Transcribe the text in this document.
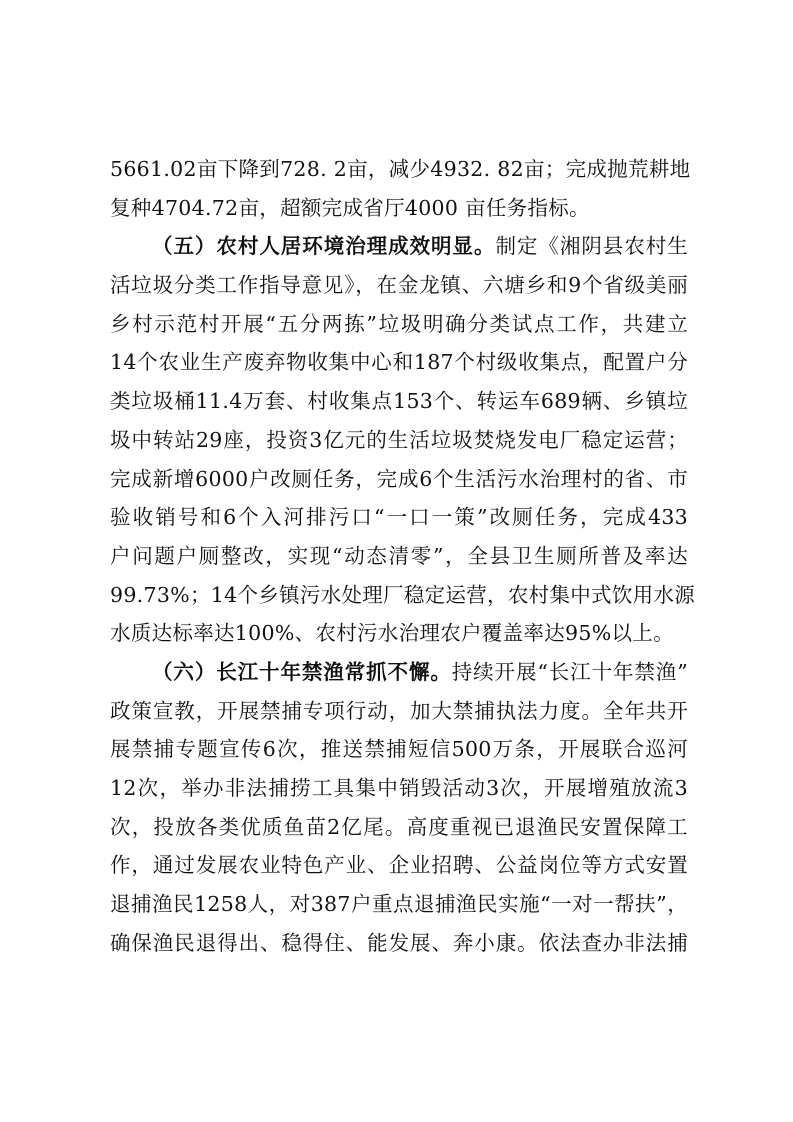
5661.02亩下降到728. 2亩，减少4932. 82亩；完成抛荒耕地
复种4704.72亩，超额完成省厅4000 亩任务指标。
（五）农村人居环境治理成效明显。制定《湘阴县农村生
活垃圾分类工作指导意见》，在金龙镇、六塘乡和9个省级美丽
乡村示范村开展“五分两拣”垃圾明确分类试点工作，共建立
14个农业生产废弃物收集中心和187个村级收集点，配置户分
类垃圾桶11.4万套、村收集点153个、转运车689辆、乡镇垃
圾中转站29座，投资3亿元的生活垃圾焚烧发电厂稳定运营；
完成新增6000户改厕任务，完成6个生活污水治理村的省、市
验收销号和6个入河排污口“一口一策”改厕任务，完成433
户问题户厕整改，实现“动态清零”，全县卫生厕所普及率达
99.73%；14个乡镇污水处理厂稳定运营，农村集中式饮用水源
水质达标率达100%、农村污水治理农户覆盖率达95%以上。
（六）长江十年禁渔常抓不懈。持续开展“长江十年禁渔”
政策宣教，开展禁捕专项行动，加大禁捕执法力度。全年共开
展禁捕专题宣传6次，推送禁捕短信500万条，开展联合巡河
12次，举办非法捕捞工具集中销毁活动3次，开展增殖放流3
次，投放各类优质鱼苗2亿尾。高度重视已退渔民安置保障工
作，通过发展农业特色产业、企业招聘、公益岗位等方式安置
退捕渔民1258人，对387户重点退捕渔民实施“一对一帮扶”，
确保渔民退得出、稳得住、能发展、奔小康。依法查办非法捕
